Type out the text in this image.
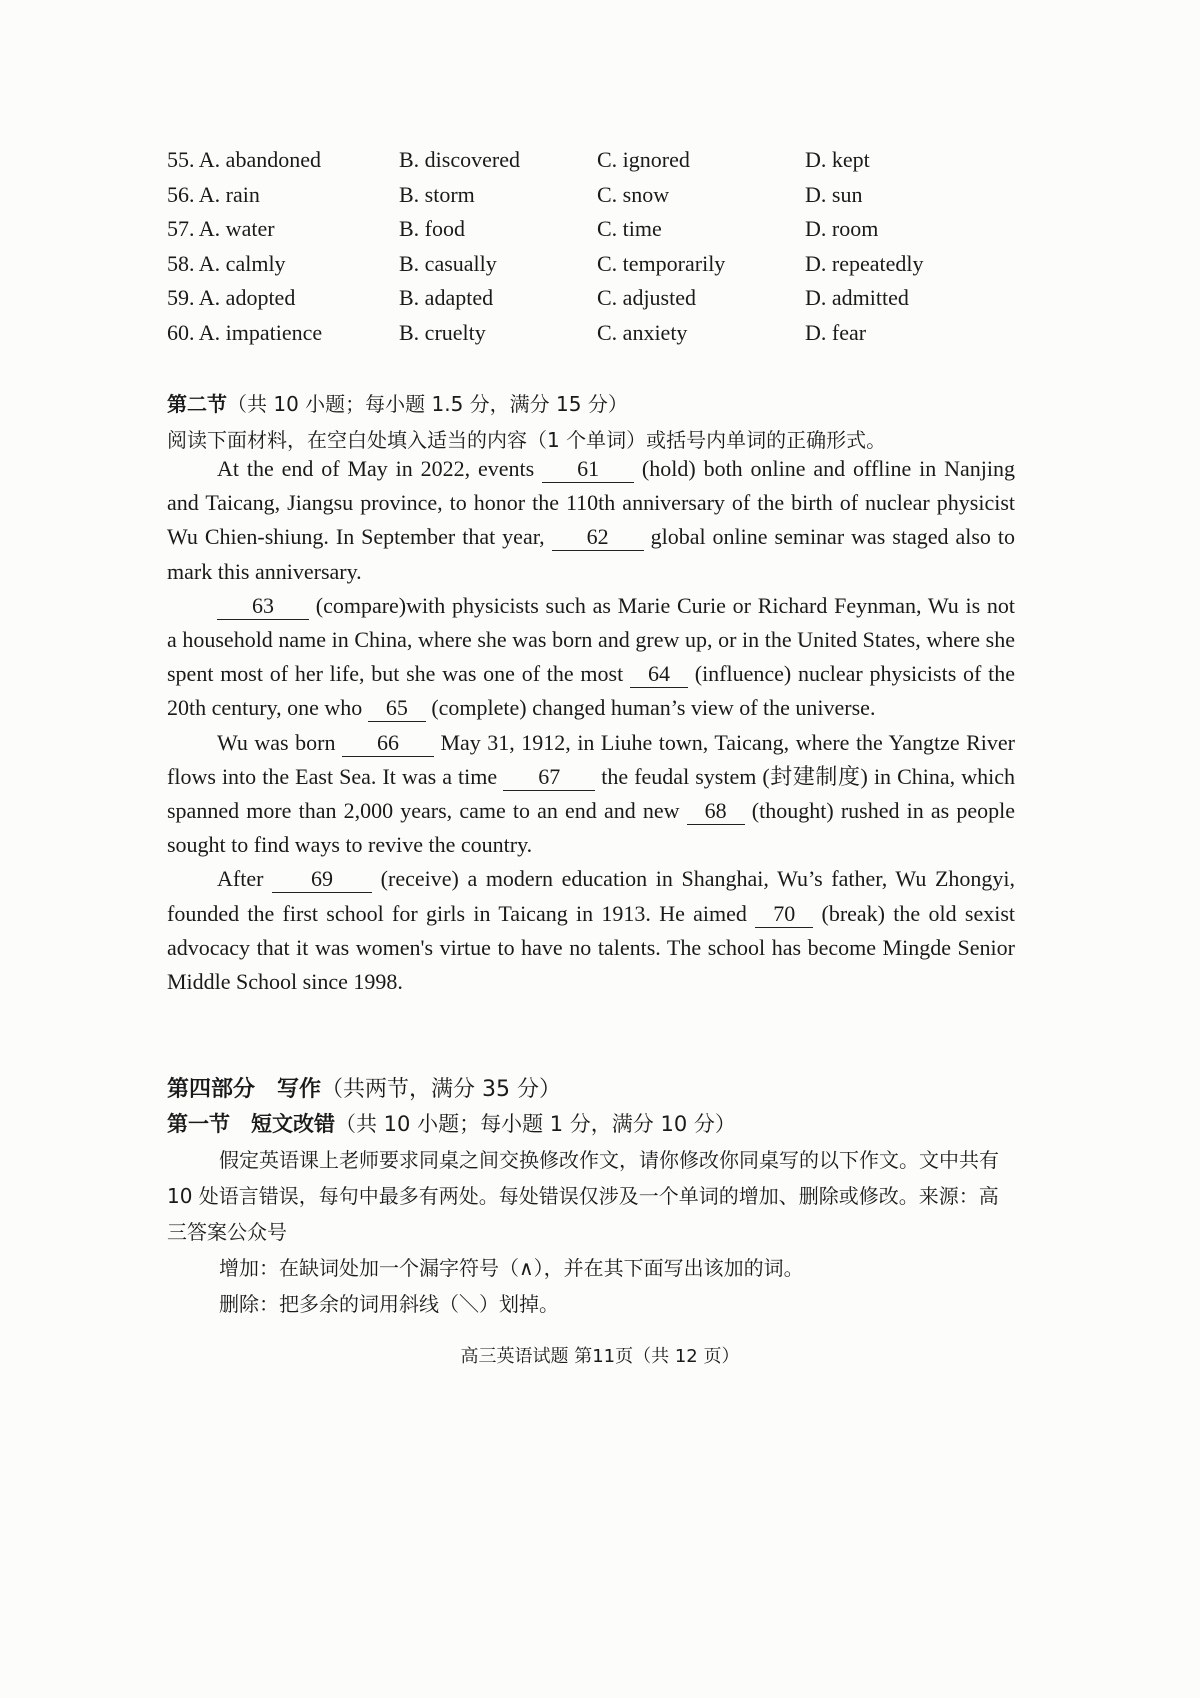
55. A. abandoned	B. discovered	C. ignored	D. kept
56. A. rain	B. storm	C. snow	D. sun
57. A. water	B. food	C. time	D. room
58. A. calmly	B. casually	C. temporarily	D. repeatedly
59. A. adopted	B. adapted	C. adjusted	D. admitted
60. A. impatience	B. cruelty	C. anxiety	D. fear
第二节（共 10 小题；每小题 1.5 分，满分 15 分）
阅读下面材料，在空白处填入适当的内容（1 个单词）或括号内单词的正确形式。

At the end of May in 2022, events 61 (hold) both online and offline in Nanjing and Taicang, Jiangsu province, to honor the 110th anniversary of the birth of nuclear physicist Wu Chien-shiung. In September that year, 62 global online seminar was staged also to mark this anniversary.

63 (compare)with physicists such as Marie Curie or Richard Feynman, Wu is not a household name in China, where she was born and grew up, or in the United States, where she spent most of her life, but she was one of the most 64 (influence) nuclear physicists of the 20th century, one who 65 (complete) changed human’s view of the universe.

Wu was born 66 May 31, 1912, in Liuhe town, Taicang, where the Yangtze River flows into the East Sea. It was a time 67 the feudal system (封建制度) in China, which spanned more than 2,000 years, came to an end and new 68 (thought) rushed in as people sought to find ways to revive the country.

After 69 (receive) a modern education in Shanghai, Wu’s father, Wu Zhongyi, founded the first school for girls in Taicang in 1913. He aimed 70 (break) the old sexist advocacy that it was women's virtue to have no talents. The school has become Mingde Senior Middle School since 1998.

第四部分　写作（共两节，满分 35 分）
第一节　短文改错（共 10 小题；每小题 1 分，满分 10 分）

假定英语课上老师要求同桌之间交换修改作文，请你修改你同桌写的以下作文。文中共有 10 处语言错误，每句中最多有两处。每处错误仅涉及一个单词的增加、删除或修改。来源：高三答案公众号

增加：在缺词处加一个漏字符号（∧），并在其下面写出该加的词。

删除：把多余的词用斜线（＼）划掉。

高三英语试题 第11页（共 12 页）
